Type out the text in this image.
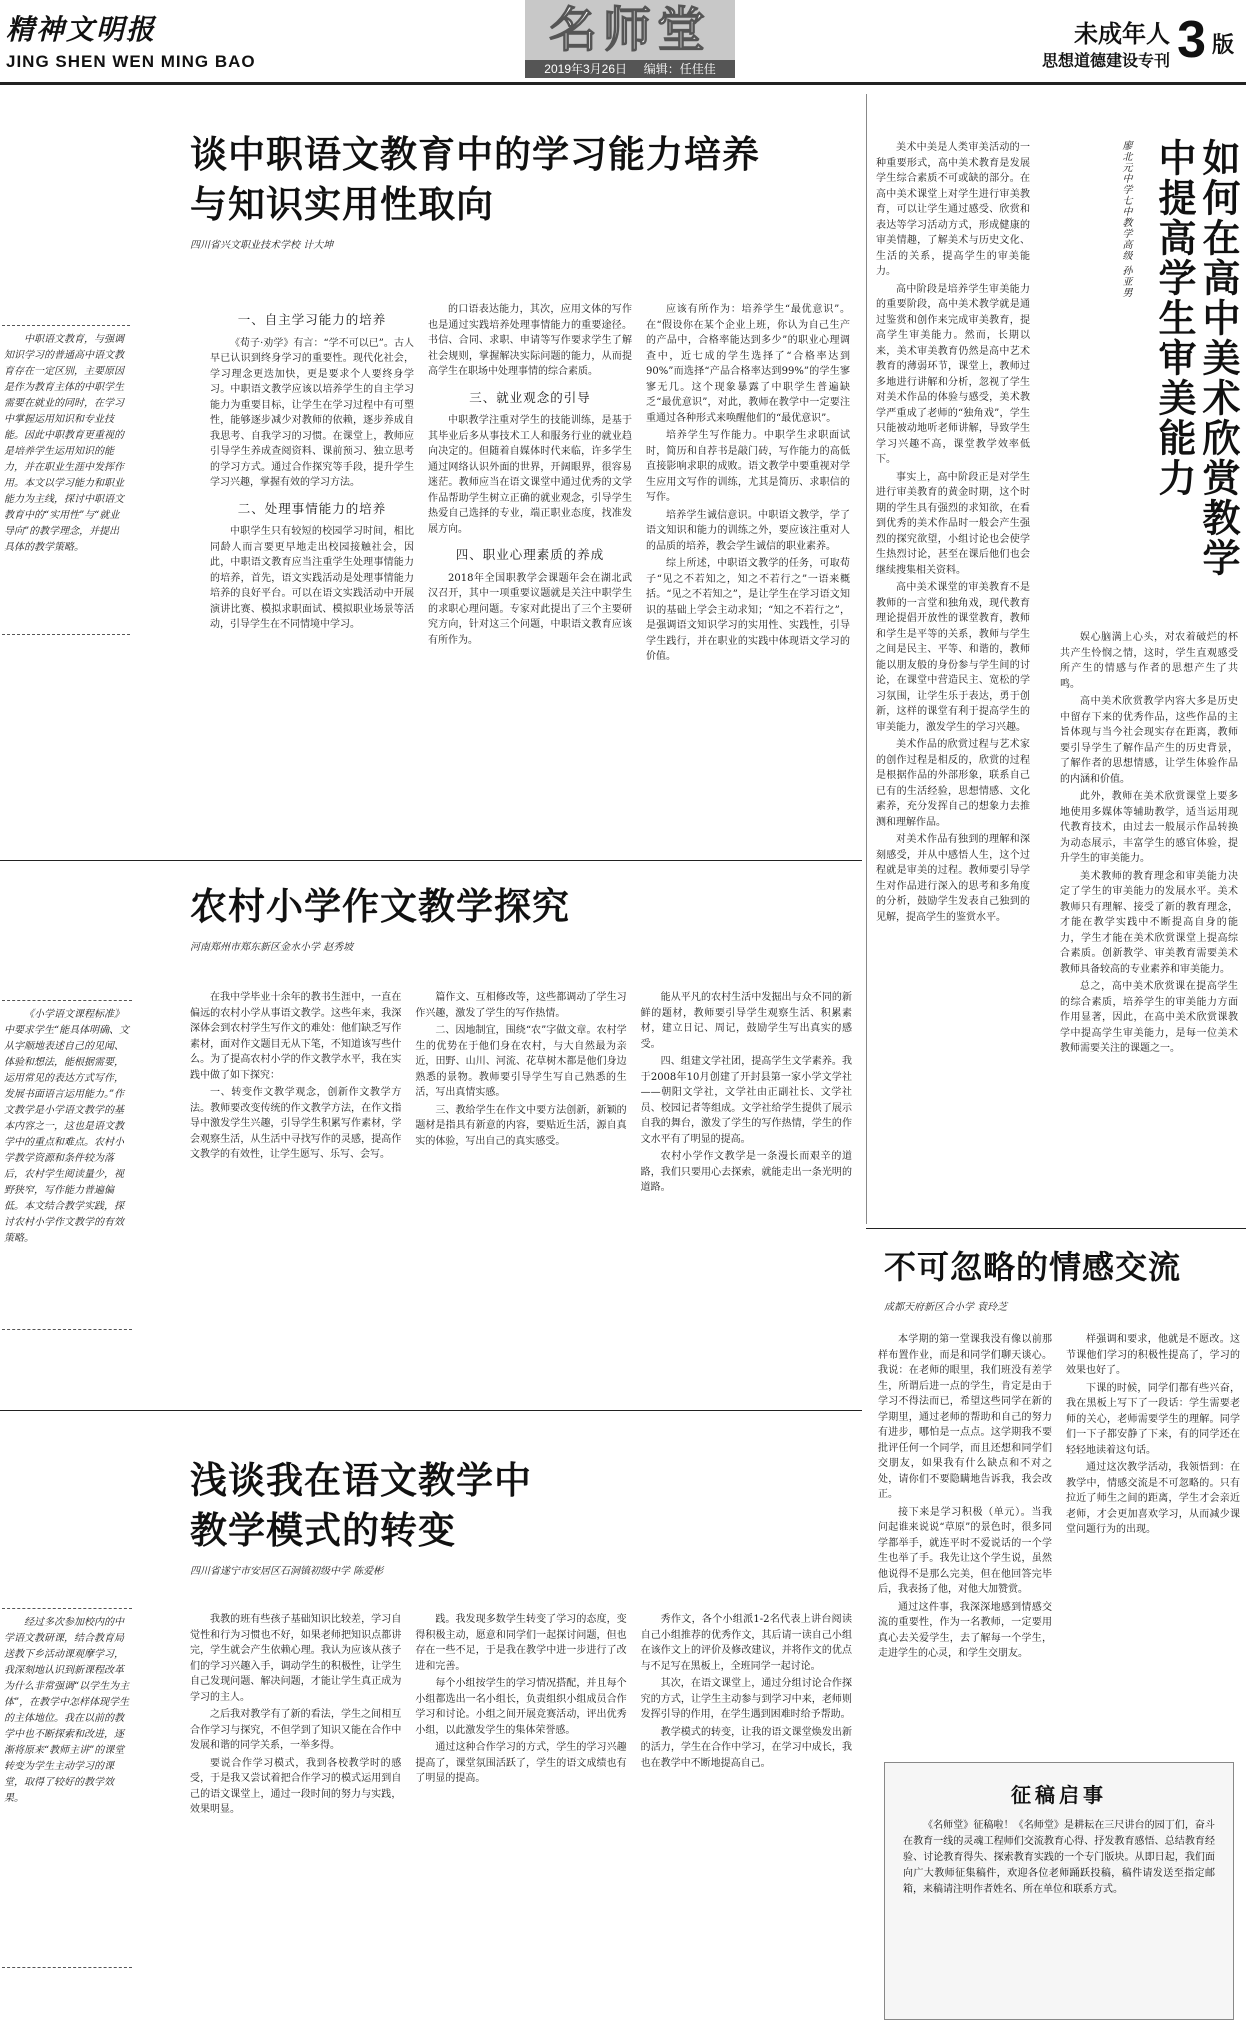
精神文明报
JING SHEN WEN MING BAO
名师堂
2019年3月26日 编辑：任佳佳
未成年人
思想道德建设专刊 3 版
谈中职语文教育中的学习能力培养
与知识实用性取向
四川省兴文职业技术学校 计大坤
中职语文教育，与强调知识学习的普通高中语文教育存在一定区别，主要原因是作为教育主体的中职学生需要在就业的同时，在学习中掌握运用知识和专业技能。因此中职教育更重视的是培养学生运用知识的能力，并在职业生涯中发挥作用。本文以学习能力和职业能力为主线，探讨中职语文教育中的“实用性”与“就业导向”的教学理念，并提出具体的教学策略。
一、自主学习能力的培养

《荀子·劝学》有言：“学不可以已”。古人早已认识到终身学习的重要性。现代化社会，学习理念更迭加快，更是要求个人要终身学习。中职语文教学应该以培养学生的自主学习能力为重要目标，让学生在学习过程中有可塑性，能够逐步减少对教师的依赖，逐步养成自我思考、自我学习的习惯。在课堂上，教师应引导学生养成查阅资料、课前预习、独立思考的学习方式。通过合作探究等手段，提升学生学习兴趣，掌握有效的学习方法。

二、处理事情能力的培养

中职学生只有较短的校园学习时间，相比同龄人而言要更早地走出校园接触社会，因此，中职语文教育应当注重学生处理事情能力的培养，首先，语文实践活动是处理事情能力培养的良好平台。可以在语文实践活动中开展演讲比赛、模拟求职面试、模拟职业场景等活动，引导学生在不同情境中学习。

的口语表达能力，其次，应用文体的写作也是通过实践培养处理事情能力的重要途径。书信、合同、求职、申请等写作要求学生了解社会规则，掌握解决实际问题的能力，从而提高学生在职场中处理事情的综合素质。

三、就业观念的引导

中职教学注重对学生的技能训练，是基于其毕业后多从事技术工人和服务行业的就业趋向决定的。但随着自媒体时代来临，许多学生通过网络认识外面的世界，开阔眼界，很容易迷茫。教师应当在语文课堂中通过优秀的文学作品帮助学生树立正确的就业观念，引导学生热爱自己选择的专业，端正职业态度，找准发展方向。

四、职业心理素质的养成

2018年全国职教学会课题年会在湖北武汉召开，其中一项重要议题就是关注中职学生的求职心理问题。专家对此提出了三个主要研究方向，针对这三个问题，中职语文教育应该有所作为。

应该有所作为：培养学生“最优意识”。在“假设你在某个企业上班，你认为自己生产的产品中，合格率能达到多少”的职业心理调查中，近七成的学生选择了“合格率达到90%”而选择“产品合格率达到99%”的学生寥寥无几。这个现象暴露了中职学生普遍缺乏“最优意识”，对此，教师在教学中一定要注重通过各种形式来唤醒他们的“最优意识”。

培养学生写作能力。中职学生求职面试时，简历和自荐书是敲门砖，写作能力的高低直接影响求职的成败。语文教学中要重视对学生应用文写作的训练，尤其是简历、求职信的写作。

培养学生诚信意识。中职语文教学，学了语文知识和能力的训练之外，要应该注重对人的品质的培养，教会学生诚信的职业素养。

综上所述，中职语文教学的任务，可取荀子“见之不若知之，知之不若行之”一语来概括。“见之不若知之”，是让学生在学习语文知识的基础上学会主动求知；“知之不若行之”，是强调语文知识学习的实用性、实践性，引导学生践行，并在职业的实践中体现语文学习的价值。

如何在高中美术欣赏教学中提高学生审美能力
廖北元中学七中教学高级 孙亚男

美术中美是人类审美活动的一种重要形式，高中美术教育是发展学生综合素质不可或缺的部分。在高中美术课堂上对学生进行审美教育，可以让学生通过感受、欣赏和表达等学习活动方式，形成健康的审美情趣，了解美术与历史文化、生活的关系，提高学生的审美能力。

高中阶段是培养学生审美能力的重要阶段，高中美术教学就是通过鉴赏和创作来完成审美教育，提高学生审美能力。然而，长期以来，美术审美教育仍然是高中艺术教育的薄弱环节，课堂上，教师过多地进行讲解和分析，忽视了学生对美术作品的体验与感受，美术教学严重成了老师的“独角戏”，学生只能被动地听老师讲解，导致学生学习兴趣不高，课堂教学效率低下。

事实上，高中阶段正是对学生进行审美教育的黄金时期，这个时期的学生具有强烈的求知欲，在看到优秀的美术作品时一般会产生强烈的探究欲望，小组讨论也会使学生热烈讨论，甚至在课后他们也会继续搜集相关资料。

高中美术课堂的审美教育不是教师的一言堂和独角戏，现代教育理论提倡开放性的课堂教育，教师和学生是平等的关系，教师与学生之间是民主、平等、和谐的，教师能以朋友般的身份参与学生间的讨论，在课堂中营造民主、宽松的学习氛围，让学生乐于表达，勇于创新，这样的课堂有利于提高学生的审美能力，激发学生的学习兴趣。

美术作品的欣赏过程与艺术家的创作过程是相反的，欣赏的过程是根据作品的外部形象，联系自己已有的生活经验，思想情感、文化素养，充分发挥自己的想象力去推测和理解作品。

对美术作品有独到的理解和深刻感受，并从中感悟人生，这个过程就是审美的过程。教师要引导学生对作品进行深入的思考和多角度的分析，鼓励学生发表自己独到的见解，提高学生的鉴赏水平。

娱心脑满上心头，对农着破烂的杯共产生怜悯之情，这时，学生直观感受所产生的情感与作者的思想产生了共鸣。

高中美术欣赏教学内容大多是历史中留存下来的优秀作品，这些作品的主旨体现与当今社会现实存在距离，教师要引导学生了解作品产生的历史背景，了解作者的思想情感，让学生体验作品的内涵和价值。

此外，教师在美术欣赏课堂上要多地使用多媒体等辅助教学，适当运用现代教育技术，由过去一般展示作品转换为动态展示，丰富学生的感官体验，提升学生的审美能力。

美术教师的教育理念和审美能力决定了学生的审美能力的发展水平。美术教师只有理解、接受了新的教育理念，才能在教学实践中不断提高自身的能力，学生才能在美术欣赏课堂上提高综合素质。创新教学、审美教育需要美术教师具备较高的专业素养和审美能力。

总之，高中美术欣赏课在提高学生的综合素质，培养学生的审美能力方面作用显著，因此，在高中美术欣赏课教学中提高学生审美能力，是每一位美术教师需要关注的课题之一。

农村小学作文教学探究
河南郑州市郑东新区金水小学 赵秀坡
《小学语文课程标准》中要求学生“能具体明确、文从字顺地表述自己的见闻、体验和想法，能根据需要，运用常见的表达方式写作，发展书面语言运用能力。”作文教学是小学语文教学的基本内容之一，这也是语文教学中的重点和难点。农村小学教学资源和条件较为落后，农村学生阅读量少，视野狭窄，写作能力普遍偏低。本文结合教学实践，探讨农村小学作文教学的有效策略。

在我中学毕业十余年的教书生涯中，一直在偏远的农村小学从事语文教学。这些年来，我深深体会到农村学生写作文的难处：他们缺乏写作素材，面对作文题目无从下笔，不知道该写些什么。为了提高农村小学的作文教学水平，我在实践中做了如下探究：

一、转变作文教学观念，创新作文教学方法。教师要改变传统的作文教学方法，在作文指导中激发学生兴趣，引导学生积累写作素材，学会观察生活，从生活中寻找写作的灵感，提高作文教学的有效性，让学生愿写、乐写、会写。

篇作文、互相修改等，这些都调动了学生习作兴趣，激发了学生的写作热情。

二、因地制宜，围绕“农”字做文章。农村学生的优势在于他们身在农村，与大自然最为亲近，田野、山川、河流、花草树木都是他们身边熟悉的景物。教师要引导学生写自己熟悉的生活，写出真情实感。

三、教给学生在作文中要方法创新，新颖的题材是指具有新意的内容，要贴近生活，源自真实的体验，写出自己的真实感受。

能从平凡的农村生活中发掘出与众不同的新鲜的题材，教师要引导学生观察生活、积累素材，建立日记、周记，鼓励学生写出真实的感受。

四、组建文学社团，提高学生文学素养。我于2008年10月创建了开封县第一家小学文学社——朝阳文学社，文学社由正副社长、文学社员、校园记者等组成。文学社给学生提供了展示自我的舞台，激发了学生的写作热情，学生的作文水平有了明显的提高。

农村小学作文教学是一条漫长而艰辛的道路，我们只要用心去探索，就能走出一条光明的道路。

不可忽略的情感交流
成都天府新区合小学 袁玲芝

本学期的第一堂课我没有像以前那样布置作业，而是和同学们聊天谈心。我说：在老师的眼里，我们班没有差学生，所谓后进一点的学生，肯定是由于学习不得法而已，希望这些同学在新的学期里，通过老师的帮助和自己的努力有进步，哪怕是一点点。这学期我不要批评任何一个同学，而且还想和同学们交朋友，如果我有什么缺点和不对之处，请你们不要隐瞒地告诉我，我会改正。

接下来是学习积极（单元）。当我问起谁来说说“草原”的景色时，很多同学都举手，就连平时不爱说话的一个学生也举了手。我先让这个学生说，虽然他说得不是那么完美，但在他回答完毕后，我表扬了他，对他大加赞赏。

通过这件事，我深深地感到情感交流的重要性，作为一名教师，一定要用真心去关爱学生，去了解每一个学生，走进学生的心灵，和学生交朋友。

样强调和要求，他就是不愿改。这节课他们学习的积极性提高了，学习的效果也好了。

下课的时候，同学们都有些兴奋，我在黑板上写下了一段话：学生需要老师的关心，老师需要学生的理解。同学们一下子都安静了下来，有的同学还在轻轻地读着这句话。

通过这次教学活动，我领悟到：在教学中，情感交流是不可忽略的。只有拉近了师生之间的距离，学生才会亲近老师，才会更加喜欢学习，从而减少课堂问题行为的出现。

浅谈我在语文教学中
教学模式的转变
四川省遂宁市安居区石洞镇初级中学 陈爱彬
经过多次参加校内的中学语文教研课，结合教育局送教下乡活动课观摩学习，我深刻地认识到新课程改革为什么非常强调“以学生为主体”，在教学中怎样体现学生的主体地位。我在以前的教学中也不断探索和改进，逐渐将原来“教师主讲”的课堂转变为学生主动学习的课堂，取得了较好的教学效果。

我教的班有些孩子基础知识比较差，学习自觉性和行为习惯也不好，如果老师把知识点都讲完，学生就会产生依赖心理。我认为应该从孩子们的学习兴趣入手，调动学生的积极性，让学生自己发现问题、解决问题，才能让学生真正成为学习的主人。

之后我对教学有了新的看法，学生之间相互合作学习与探究，不但学到了知识又能在合作中发展和谐的同学关系，一举多得。

要说合作学习模式，我到各校教学时的感受，于是我又尝试着把合作学习的模式运用到自己的语文课堂上，通过一段时间的努力与实践，效果明显。

践。我发现多数学生转变了学习的态度，变得积极主动，愿意和同学们一起探讨问题，但也存在一些不足，于是我在教学中进一步进行了改进和完善。

每个小组按学生的学习情况搭配，并且每个小组都选出一名小组长，负责组织小组成员合作学习和讨论。小组之间开展竞赛活动，评出优秀小组，以此激发学生的集体荣誉感。

通过这种合作学习的方式，学生的学习兴趣提高了，课堂氛围活跃了，学生的语文成绩也有了明显的提高。

秀作文，各个小组派1-2名代表上讲台阅读自己小组推荐的优秀作文，其后请一读自己小组在该作文上的评价及修改建议，并将作文的优点与不足写在黑板上，全班同学一起讨论。

其次，在语文课堂上，通过分组讨论合作探究的方式，让学生主动参与到学习中来，老师则发挥引导的作用，在学生遇到困难时给予帮助。

教学模式的转变，让我的语文课堂焕发出新的活力，学生在合作中学习，在学习中成长，我也在教学中不断地提高自己。

征稿启事

《名师堂》征稿啦！《名师堂》是耕耘在三尺讲台的园丁们，奋斗在教育一线的灵魂工程师们交流教育心得、抒发教育感悟、总结教育经验、讨论教育得失、探索教育实践的一个专门版块。从即日起，我们面向广大教师征集稿件，欢迎各位老师踊跃投稿，稿件请发送至指定邮箱，来稿请注明作者姓名、所在单位和联系方式。
